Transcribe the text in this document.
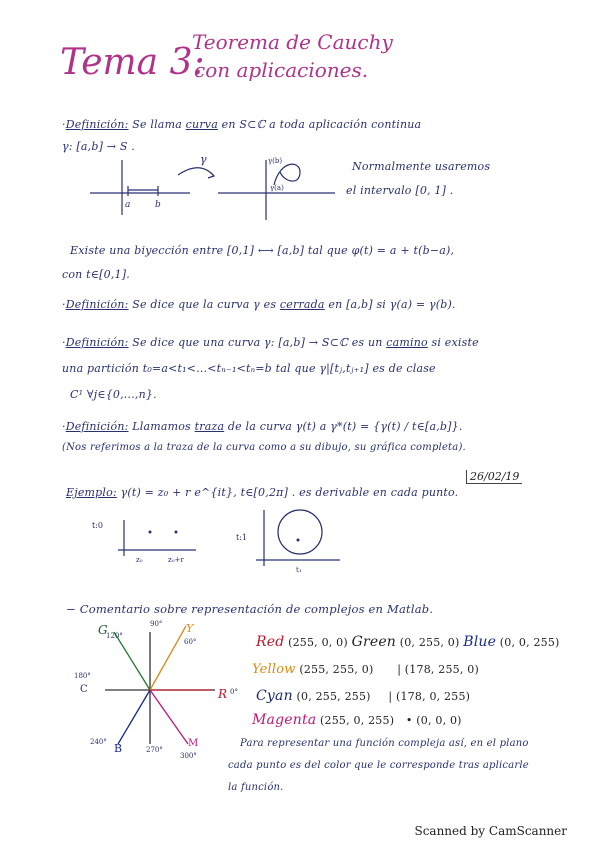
Tema 3:
Teorema de Cauchy
con aplicaciones.
·Definición: Se llama curva en S⊂ℂ a toda aplicación continua
γ: [a,b] → S .
a	b
γ	γ(b)
γ(a)
Normalmente usaremos
el intervalo [0, 1] .
Existe una biyección entre [0,1] ⟷ [a,b] tal que φ(t) = a + t(b−a),
con t∈[0,1].
·Definición: Se dice que la curva γ es cerrada en [a,b] si γ(a) = γ(b).
·Definición: Se dice que una curva γ: [a,b] → S⊂ℂ es un camino si existe
una partición t₀=a<t₁<...<tₙ₋₁<tₙ=b tal que γ|[tⱼ,tⱼ₊₁] es de clase
C¹ ∀j∈{0,...,n}.
·Definición: Llamamos traza de la curva γ(t) a γ*(t) = {γ(t) / t∈[a,b]}.
(Nos referimos a la traza de la curva como a su dibujo, su gráfica completa).
26/02/19
Ejemplo: γ(t) = z₀ + r e^{it}, t∈[0,2π] . es derivable en cada punto.
t:0
z₀	z₀+r
t:1
t₁
− Comentario sobre representación de complejos en Matlab.
G
120°
90° Y
60°
180°
C	R 0°
240° B	270°
M
300°
Red (255, 0, 0) Green (0, 255, 0) Blue (0, 0, 255)
Yellow (255, 255, 0) | (178, 255, 0)
Cyan (0, 255, 255) | (178, 0, 255)
Magenta (255, 0, 255) • (0, 0, 0)
Para representar una función compleja así, en el plano
cada punto es del color que le corresponde tras aplicarle
la función.
Scanned by CamScanner
